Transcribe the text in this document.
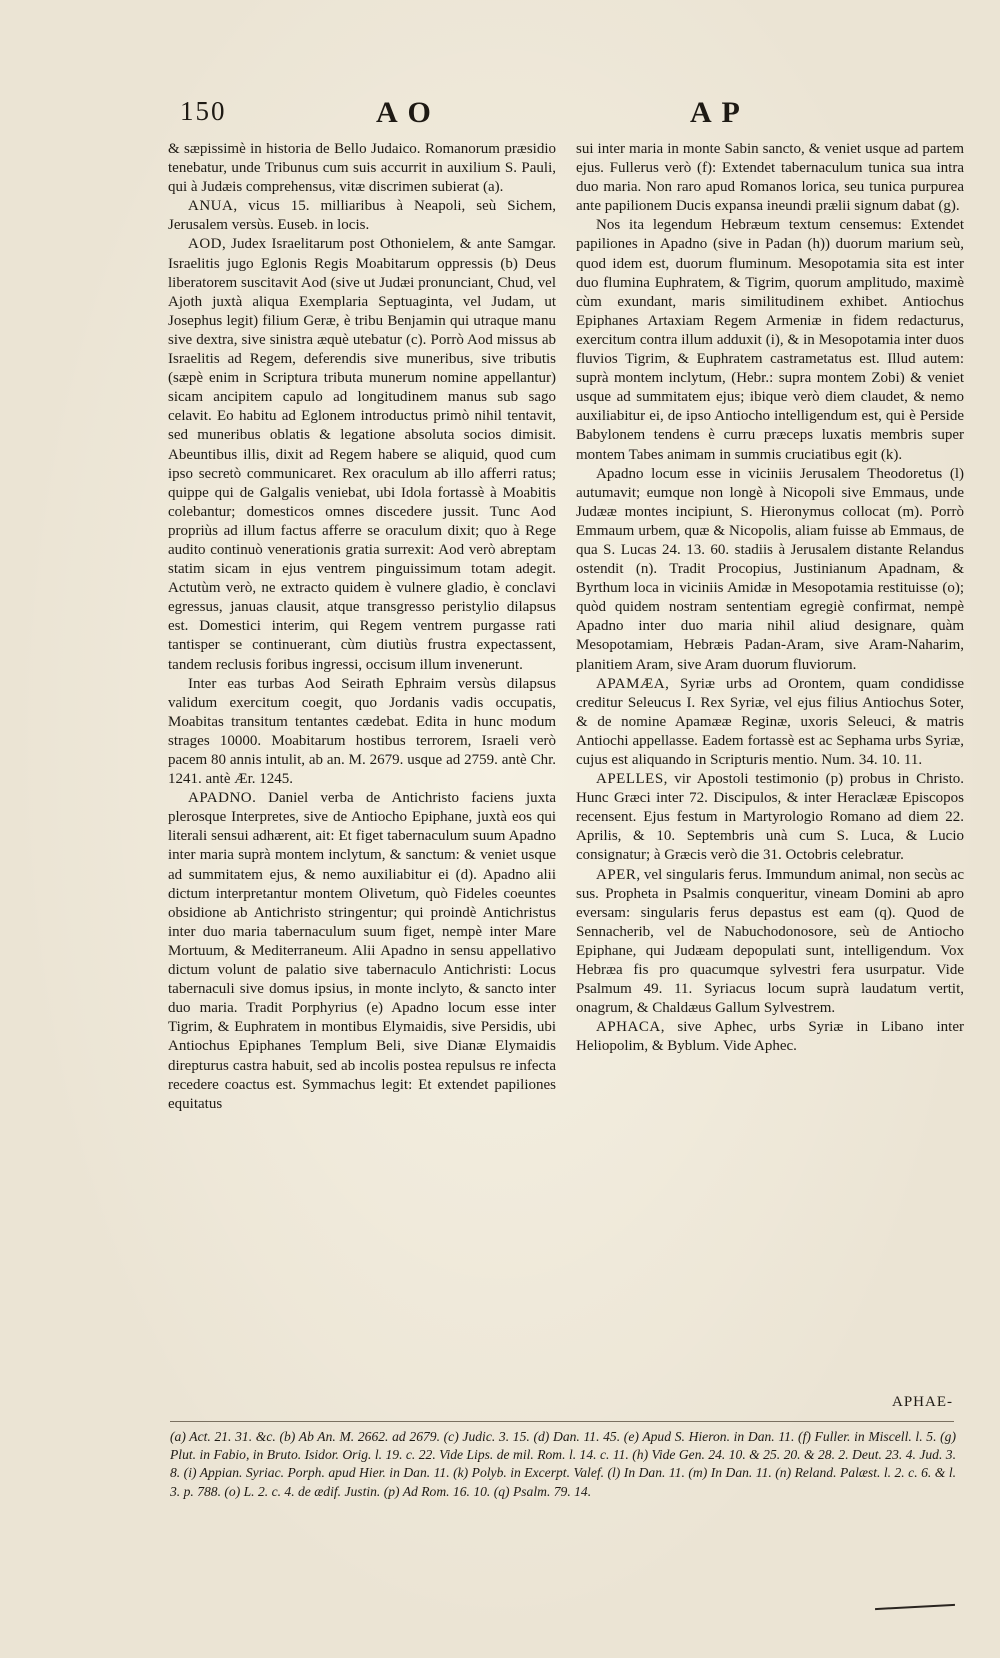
150	A O	A P

& sæpissimè in historia de Bello Judaico. Romanorum præsidio tenebatur, unde Tribunus cum suis accurrit in auxilium S. Pauli, qui à Judæis comprehensus, vitæ discrimen subierat (a).

ANUA, vicus 15. milliaribus à Neapoli, seù Sichem, Jerusalem versùs. Euseb. in locis.

AOD, Judex Israelitarum post Othonielem, & ante Samgar. Israelitis jugo Eglonis Regis Moabitarum oppressis (b) Deus liberatorem suscitavit Aod (sive ut Judæi pronunciant, Chud, vel Ajoth juxtà aliqua Exemplaria Septuaginta, vel Judam, ut Josephus legit) filium Geræ, è tribu Benjamin qui utraque manu sive dextra, sive sinistra æquè utebatur (c). Porrò Aod missus ab Israelitis ad Regem, deferendis sive muneribus, sive tributis (sæpè enim in Scriptura tributa munerum nomine appellantur) sicam ancipitem capulo ad longitudinem manus sub sago celavit. Eo habitu ad Eglonem introductus primò nihil tentavit, sed muneribus oblatis & legatione absoluta socios dimisit. Abeuntibus illis, dixit ad Regem habere se aliquid, quod cum ipso secretò communicaret. Rex oraculum ab illo afferri ratus; quippe qui de Galgalis veniebat, ubi Idola fortassè à Moabitis colebantur; domesticos omnes discedere jussit. Tunc Aod propriùs ad illum factus afferre se oraculum dixit; quo à Rege audito continuò venerationis gratia surrexit: Aod verò abreptam statim sicam in ejus ventrem pinguissimum totam adegit. Actutùm verò, ne extracto quidem è vulnere gladio, è conclavi egressus, januas clausit, atque transgresso peristylio dilapsus est. Domestici interim, qui Regem ventrem purgasse rati tantisper se continuerant, cùm diutiùs frustra expectassent, tandem reclusis foribus ingressi, occisum illum invenerunt.

Inter eas turbas Aod Seirath Ephraim versùs dilapsus validum exercitum coegit, quo Jordanis vadis occupatis, Moabitas transitum tentantes cædebat. Edita in hunc modum strages 10000. Moabitarum hostibus terrorem, Israeli verò pacem 80 annis intulit, ab an. M. 2679. usque ad 2759. antè Chr. 1241. antè Ær. 1245.

APADNO. Daniel verba de Antichristo faciens juxta plerosque Interpretes, sive de Antiocho Epiphane, juxtà eos qui literali sensui adhærent, ait: Et figet tabernaculum suum Apadno inter maria suprà montem inclytum, & sanctum: & veniet usque ad summitatem ejus, & nemo auxiliabitur ei (d). Apadno alii dictum interpretantur montem Olivetum, quò Fideles coeuntes obsidione ab Antichristo stringentur; qui proindè Antichristus inter duo maria tabernaculum suum figet, nempè inter Mare Mortuum, & Mediterraneum. Alii Apadno in sensu appellativo dictum volunt de palatio sive tabernaculo Antichristi: Locus tabernaculi sive domus ipsius, in monte inclyto, & sancto inter duo maria. Tradit Porphyrius (e) Apadno locum esse inter Tigrim, & Euphratem in montibus Elymaidis, sive Persidis, ubi Antiochus Epiphanes Templum Beli, sive Dianæ Elymaidis direpturus castra habuit, sed ab incolis postea repulsus re infecta recedere coactus est. Symmachus legit: Et extendet papiliones equitatus

sui inter maria in monte Sabin sancto, & veniet usque ad partem ejus. Fullerus verò (f): Extendet tabernaculum tunica sua intra duo maria. Non raro apud Romanos lorica, seu tunica purpurea ante papilionem Ducis expansa ineundi prælii signum dabat (g).

Nos ita legendum Hebræum textum censemus: Extendet papiliones in Apadno (sive in Padan (h)) duorum marium seù, quod idem est, duorum fluminum. Mesopotamia sita est inter duo flumina Euphratem, & Tigrim, quorum amplitudo, maximè cùm exundant, maris similitudinem exhibet. Antiochus Epiphanes Artaxiam Regem Armeniæ in fidem redacturus, exercitum contra illum adduxit (i), & in Mesopotamia inter duos fluvios Tigrim, & Euphratem castrametatus est. Illud autem: suprà montem inclytum, (Hebr.: supra montem Zobi) & veniet usque ad summitatem ejus; ibique verò diem claudet, & nemo auxiliabitur ei, de ipso Antiocho intelligendum est, qui è Perside Babylonem tendens è curru præceps luxatis membris super montem Tabes animam in summis cruciatibus egit (k).

Apadno locum esse in viciniis Jerusalem Theodoretus (l) autumavit; eumque non longè à Nicopoli sive Emmaus, unde Judææ montes incipiunt, S. Hieronymus collocat (m). Porrò Emmaum urbem, quæ & Nicopolis, aliam fuisse ab Emmaus, de qua S. Lucas 24. 13. 60. stadiis à Jerusalem distante Relandus ostendit (n). Tradit Procopius, Justinianum Apadnam, & Byrthum loca in viciniis Amidæ in Mesopotamia restituisse (o); quòd quidem nostram sententiam egregiè confirmat, nempè Apadno inter duo maria nihil aliud designare, quàm Mesopotamiam, Hebræis Padan-Aram, sive Aram-Naharim, planitiem Aram, sive Aram duorum fluviorum.

APAMÆA, Syriæ urbs ad Orontem, quam condidisse creditur Seleucus I. Rex Syriæ, vel ejus filius Antiochus Soter, & de nomine Apamææ Reginæ, uxoris Seleuci, & matris Antiochi appellasse. Eadem fortassè est ac Sephama urbs Syriæ, cujus est aliquando in Scripturis mentio. Num. 34. 10. 11.

APELLES, vir Apostoli testimonio (p) probus in Christo. Hunc Græci inter 72. Discipulos, & inter Heraclææ Episcopos recensent. Ejus festum in Martyrologio Romano ad diem 22. Aprilis, & 10. Septembris unà cum S. Luca, & Lucio consignatur; à Græcis verò die 31. Octobris celebratur.

APER, vel singularis ferus. Immundum animal, non secùs ac sus. Propheta in Psalmis conqueritur, vineam Domini ab apro eversam: singularis ferus depastus est eam (q). Quod de Sennacherib, vel de Nabuchodonosore, seù de Antiocho Epiphane, qui Judæam depopulati sunt, intelligendum. Vox Hebræa fis pro quacumque sylvestri fera usurpatur. Vide Psalmum 49. 11. Syriacus locum suprà laudatum vertit, onagrum, & Chaldæus Gallum Sylvestrem.

APHACA, sive Aphec, urbs Syriæ in Libano inter Heliopolim, & Byblum. Vide Aphec.

APHAE-
(a) Act. 21. 31. &c. (b) Ab An. M. 2662. ad 2679. (c) Judic. 3. 15. (d) Dan. 11. 45. (e) Apud S. Hieron. in Dan. 11. (f) Fuller. in Miscell. l. 5. (g) Plut. in Fabio, in Bruto. Isidor. Orig. l. 19. c. 22. Vide Lips. de mil. Rom. l. 14. c. 11. (h) Vide Gen. 24. 10. & 25. 20. & 28. 2. Deut. 23. 4. Jud. 3. 8. (i) Appian. Syriac. Porph. apud Hier. in Dan. 11. (k) Polyb. in Excerpt. Valef. (l) In Dan. 11. (m) In Dan. 11. (n) Reland. Palæst. l. 2. c. 6. & l. 3. p. 788. (o) L. 2. c. 4. de ædif. Justin. (p) Ad Rom. 16. 10. (q) Psalm. 79. 14.
